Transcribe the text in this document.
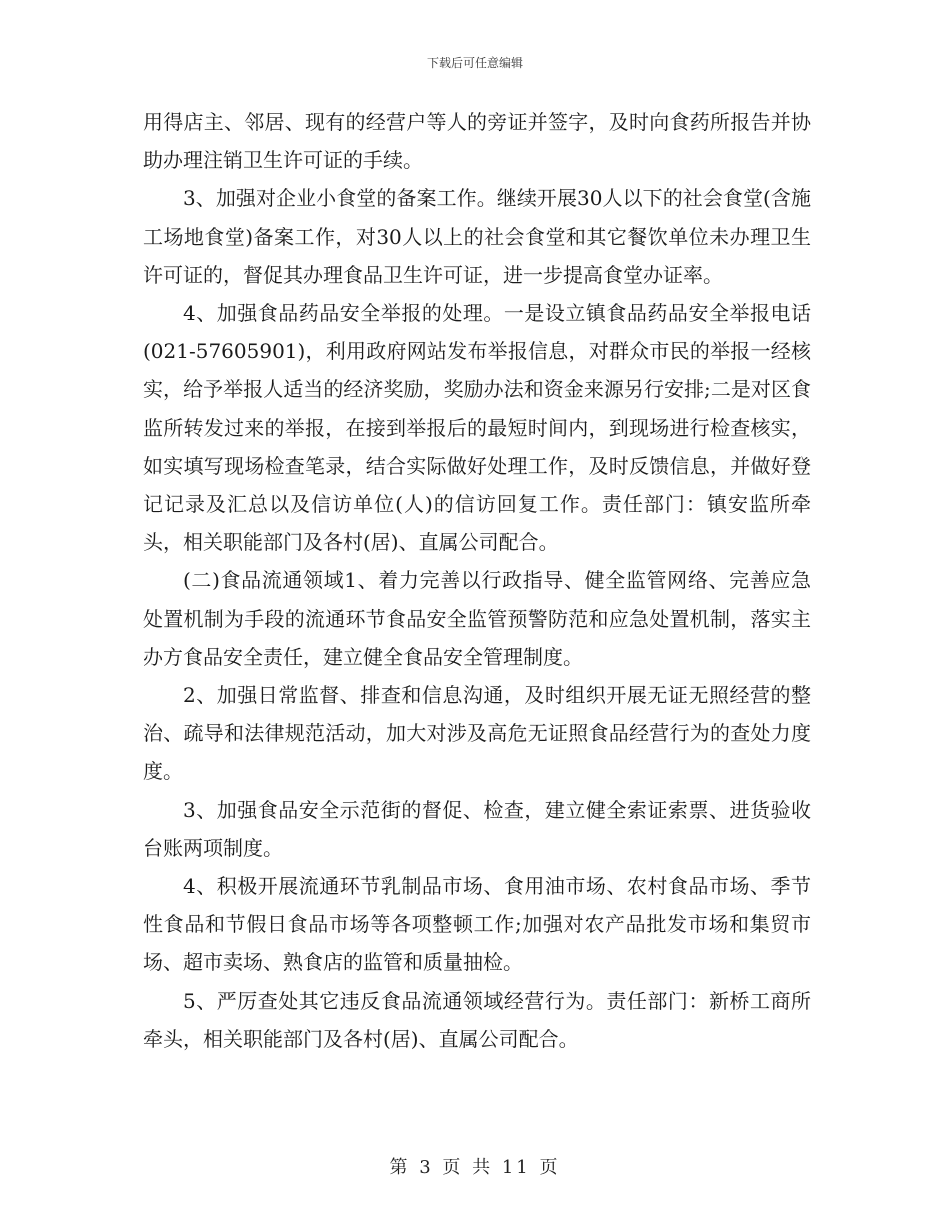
下载后可任意编辑

用得店主、邻居、现有的经营户等人的旁证并签字，及时向食药所报告并协助办理注销卫生许可证的手续。

3、加强对企业小食堂的备案工作。继续开展30人以下的社会食堂(含施工场地食堂)备案工作，对30人以上的社会食堂和其它餐饮单位未办理卫生许可证的，督促其办理食品卫生许可证，进一步提高食堂办证率。

4、加强食品药品安全举报的处理。一是设立镇食品药品安全举报电话(021-57605901)，利用政府网站发布举报信息，对群众市民的举报一经核实，给予举报人适当的经济奖励，奖励办法和资金来源另行安排;二是对区食监所转发过来的举报，在接到举报后的最短时间内，到现场进行检查核实，如实填写现场检查笔录，结合实际做好处理工作，及时反馈信息，并做好登记记录及汇总以及信访单位(人)的信访回复工作。责任部门：镇安监所牵头，相关职能部门及各村(居)、直属公司配合。

(二)食品流通领域1、着力完善以行政指导、健全监管网络、完善应急处置机制为手段的流通环节食品安全监管预警防范和应急处置机制，落实主办方食品安全责任，建立健全食品安全管理制度。

2、加强日常监督、排查和信息沟通，及时组织开展无证无照经营的整治、疏导和法律规范活动，加大对涉及高危无证照食品经营行为的查处力度度。

3、加强食品安全示范街的督促、检查，建立健全索证索票、进货验收台账两项制度。

4、积极开展流通环节乳制品市场、食用油市场、农村食品市场、季节性食品和节假日食品市场等各项整顿工作;加强对农产品批发市场和集贸市场、超市卖场、熟食店的监管和质量抽检。

5、严厉查处其它违反食品流通领域经营行为。责任部门：新桥工商所牵头，相关职能部门及各村(居)、直属公司配合。

第 3 页 共 11 页
